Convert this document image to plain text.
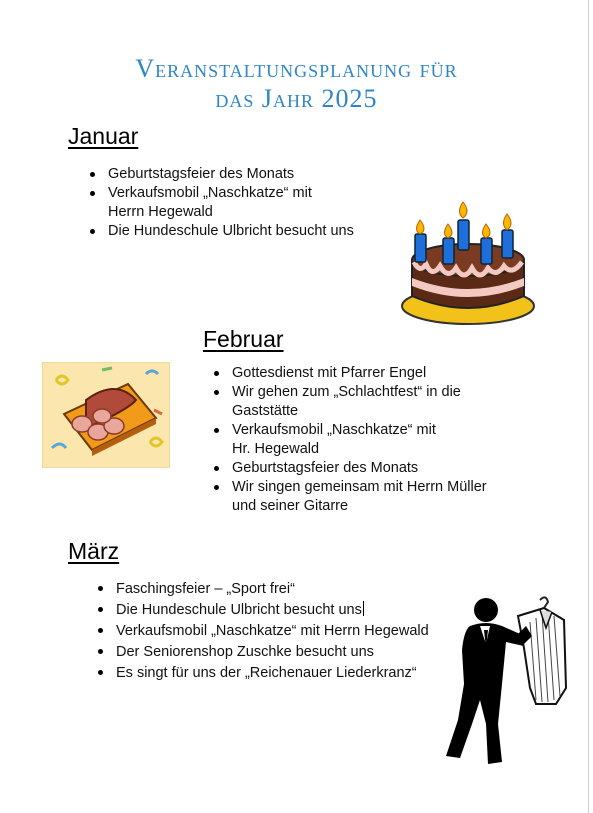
Veranstaltungsplanung für
das Jahr 2025
Januar
Geburtstagsfeier des Monats
Verkaufsmobil „Naschkatze“ mit
Herrn Hegewald
Die Hundeschule Ulbricht besucht uns
Februar
Gottesdienst mit Pfarrer Engel
Wir gehen zum „Schlachtfest“ in die
Gaststätte
Verkaufsmobil „Naschkatze“ mit
Hr. Hegewald
Geburtstagsfeier des Monats
Wir singen gemeinsam mit Herrn Müller
und seiner Gitarre
März
Faschingsfeier – „Sport frei“
Die Hundeschule Ulbricht besucht uns
Verkaufsmobil „Naschkatze“ mit Herrn Hegewald
Der Seniorenshop Zuschke besucht uns
Es singt für uns der „Reichenauer Liederkranz“
